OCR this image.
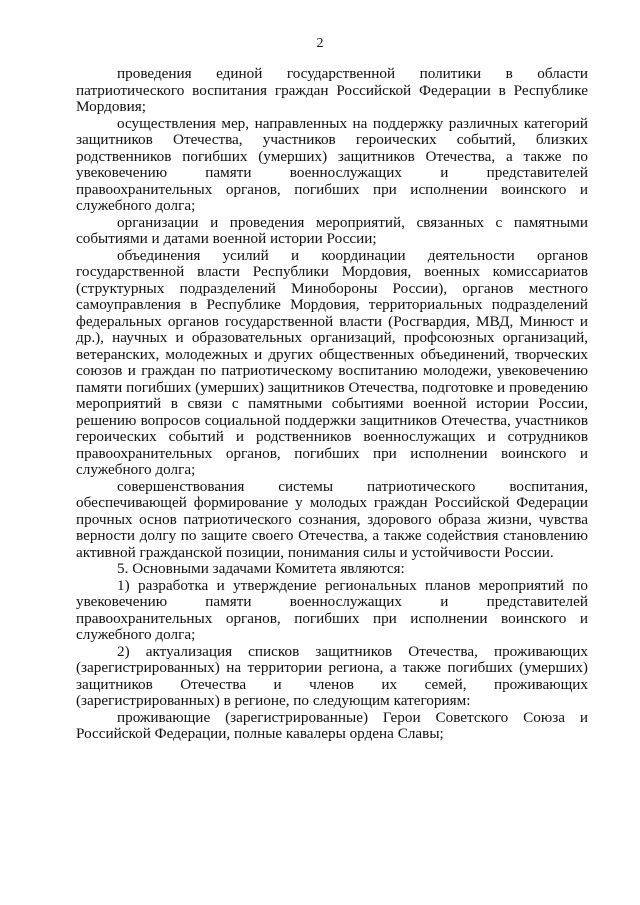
2

проведения единой государственной политики в области патриотического воспитания граждан Российской Федерации в Республике Мордовия;

осуществления мер, направленных на поддержку различных категорий защитников Отечества, участников героических событий, близких родственников погибших (умерших) защитников Отечества, а также по увековечению памяти военнослужащих и представителей правоохранительных органов, погибших при исполнении воинского и служебного долга;

организации и проведения мероприятий, связанных с памятными событиями и датами военной истории России;

объединения усилий и координации деятельности органов государственной власти Республики Мордовия, военных комиссариатов (структурных подразделений Минобороны России), органов местного самоуправления в Республике Мордовия, территориальных подразделений федеральных органов государственной власти (Росгвардия, МВД, Минюст и др.), научных и образовательных организаций, профсоюзных организаций, ветеранских, молодежных и других общественных объединений, творческих союзов и граждан по патриотическому воспитанию молодежи, увековечению памяти погибших (умерших) защитников Отечества, подготовке и проведению мероприятий в связи с памятными событиями военной истории России, решению вопросов социальной поддержки защитников Отечества, участников героических событий и родственников военнослужащих и сотрудников правоохранительных органов, погибших при исполнении воинского и служебного долга;

совершенствования системы патриотического воспитания, обеспечивающей формирование у молодых граждан Российской Федерации прочных основ патриотического сознания, здорового образа жизни, чувства верности долгу по защите своего Отечества, а также содействия становлению активной гражданской позиции, понимания силы и устойчивости России.

5. Основными задачами Комитета являются:

1) разработка и утверждение региональных планов мероприятий по увековечению памяти военнослужащих и представителей правоохранительных органов, погибших при исполнении воинского и служебного долга;

2) актуализация списков защитников Отечества, проживающих (зарегистрированных) на территории региона, а также погибших (умерших) защитников Отечества и членов их семей, проживающих (зарегистрированных) в регионе, по следующим категориям:

проживающие (зарегистрированные) Герои Советского Союза и Российской Федерации, полные кавалеры ордена Славы;
